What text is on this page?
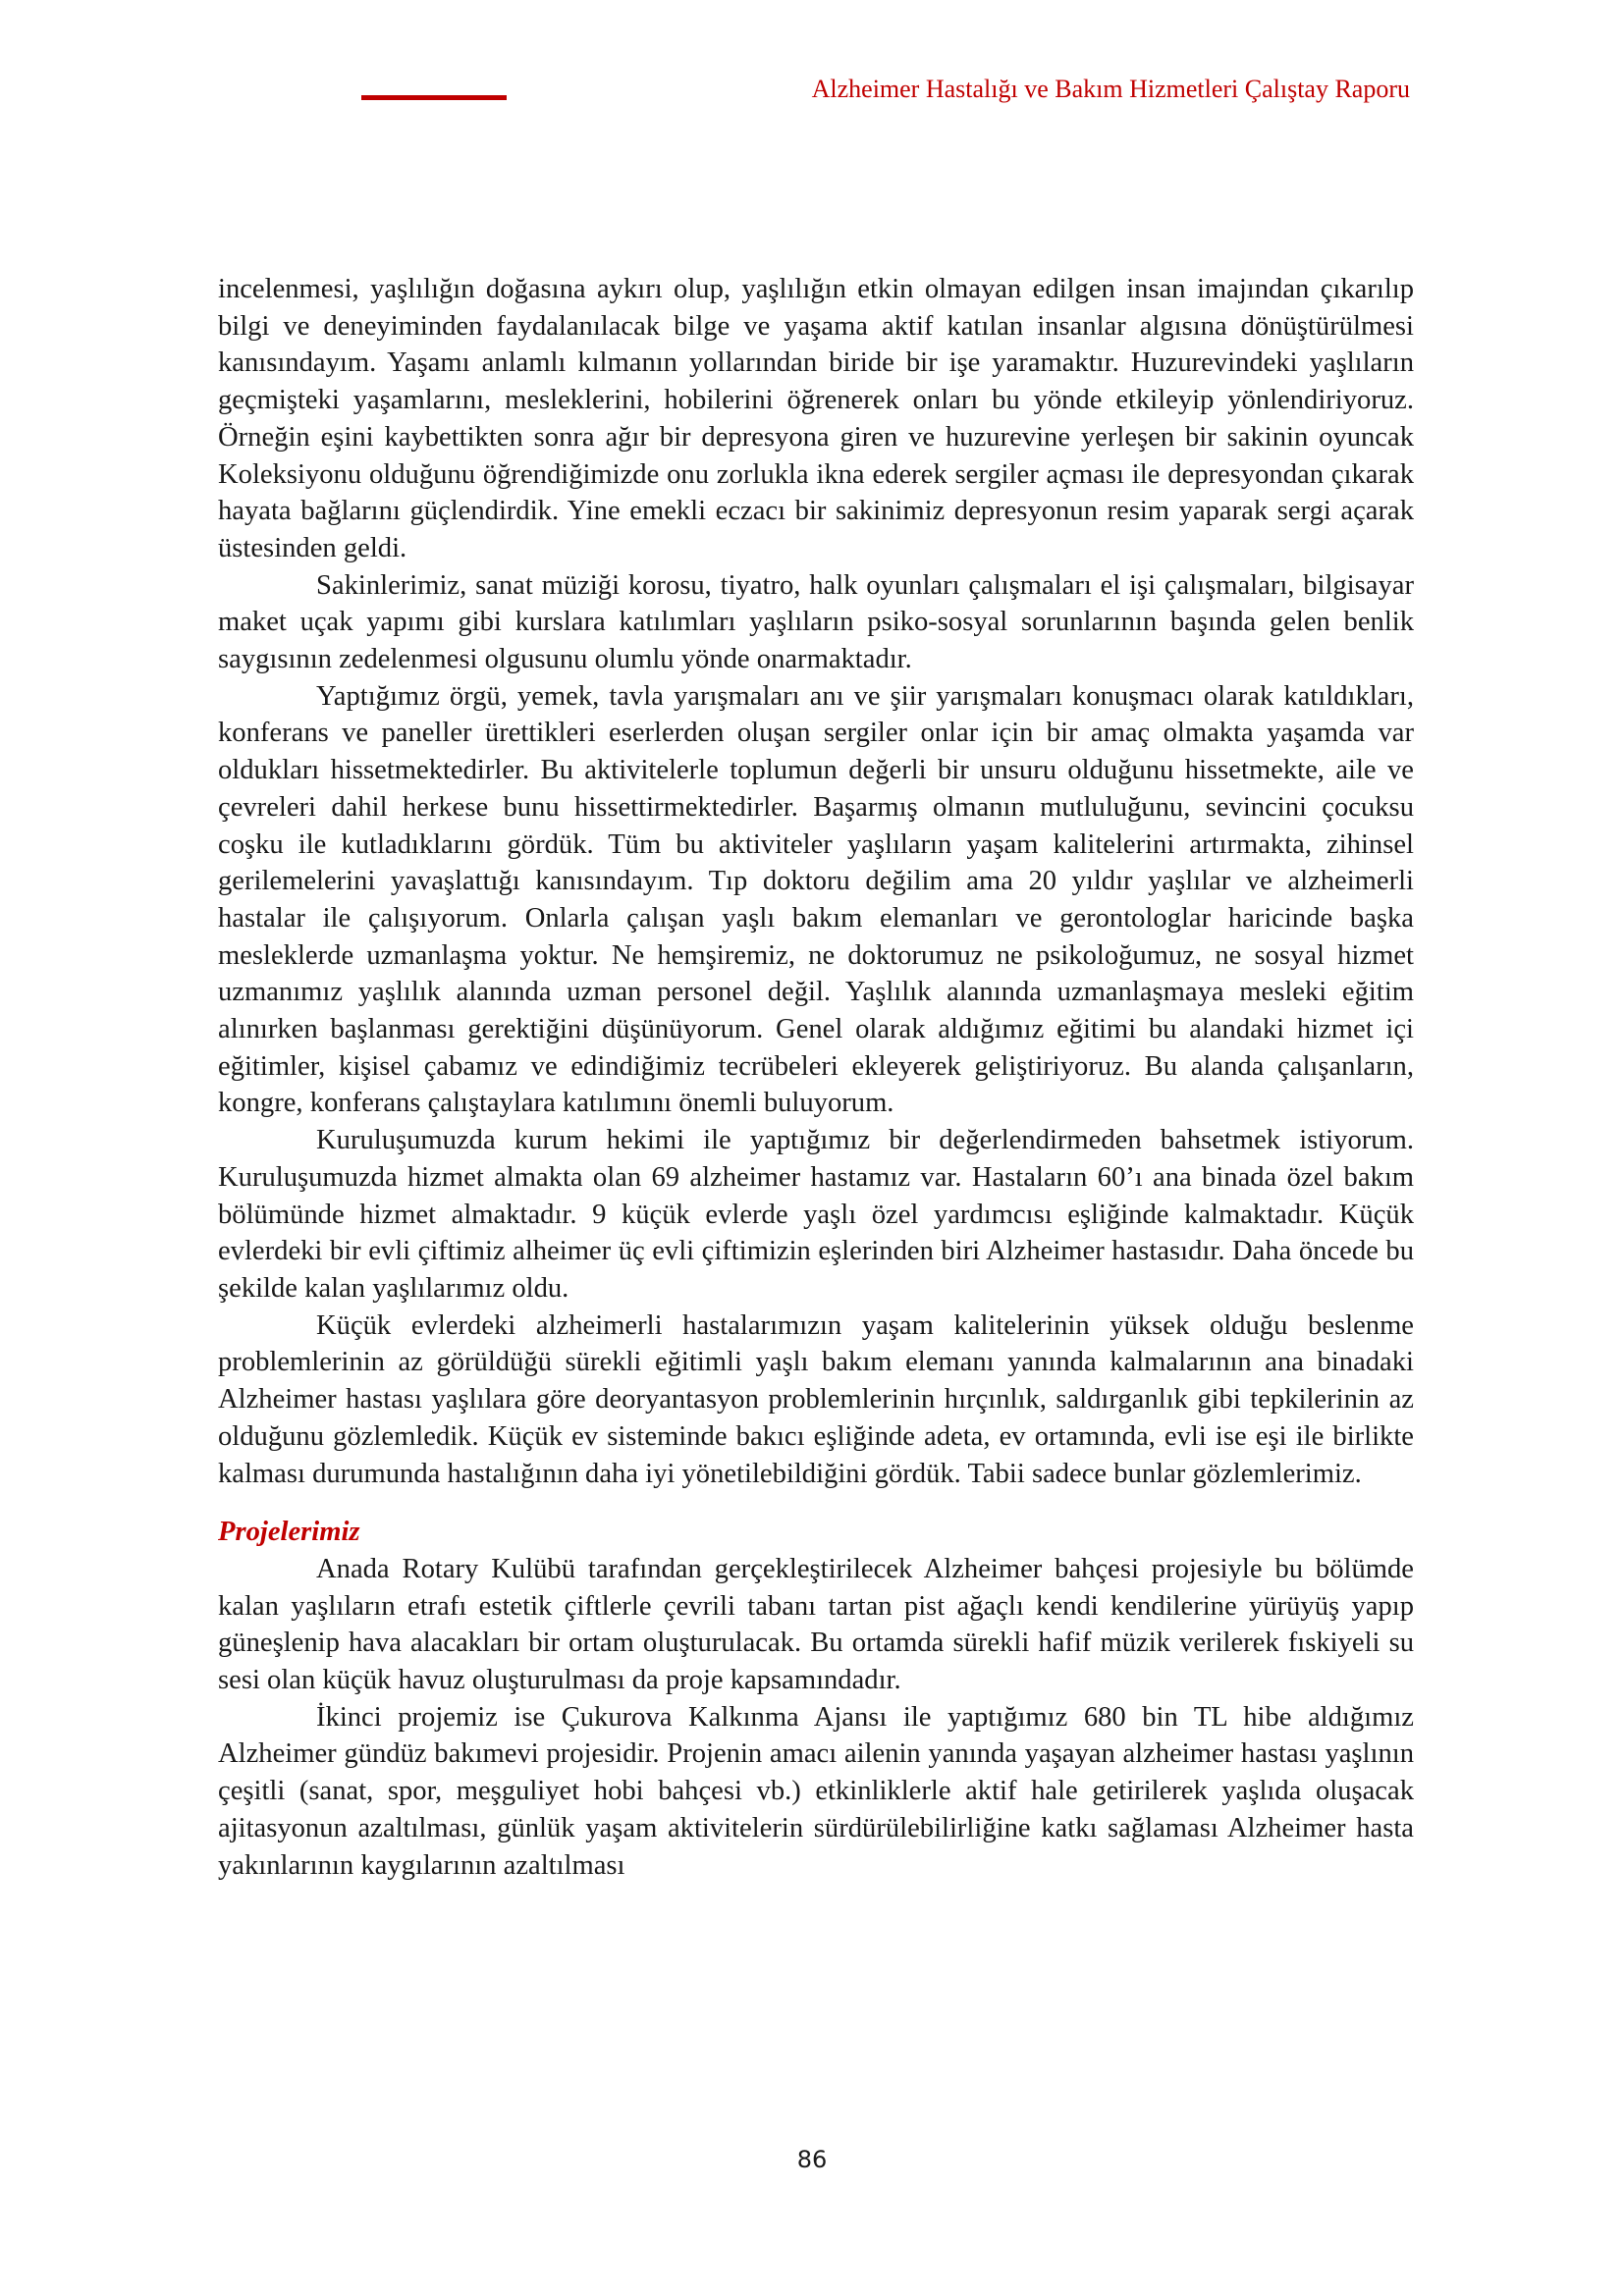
Alzheimer Hastalığı ve Bakım Hizmetleri Çalıştay Raporu

incelenmesi, yaşlılığın doğasına aykırı olup, yaşlılığın etkin olmayan edilgen insan imajından çıkarılıp bilgi ve deneyiminden faydalanılacak bilge ve yaşama aktif katılan insanlar algısına dönüştürülmesi kanısındayım. Yaşamı anlamlı kılmanın yollarından biride bir işe yaramaktır. Huzurevindeki yaşlıların geçmişteki yaşamlarını, mesleklerini, hobilerini öğrenerek onları bu yönde etkileyip yönlendiriyoruz. Örneğin eşini kaybettikten sonra ağır bir depresyona giren ve huzurevine yerleşen bir sakinin oyuncak Koleksiyonu olduğunu öğrendiğimizde onu zorlukla ikna ederek sergiler açması ile depresyondan çıkarak hayata bağlarını güçlendirdik. Yine emekli eczacı bir sakinimiz depresyonun resim yaparak sergi açarak üstesinden geldi.

Sakinlerimiz, sanat müziği korosu, tiyatro, halk oyunları çalışmaları el işi çalışmaları, bilgisayar maket uçak yapımı gibi kurslara katılımları yaşlıların psiko-sosyal sorunlarının başında gelen benlik saygısının zedelenmesi olgusunu olumlu yönde onarmaktadır.

Yaptığımız örgü, yemek, tavla yarışmaları anı ve şiir yarışmaları konuşmacı olarak katıldıkları, konferans ve paneller ürettikleri eserlerden oluşan sergiler onlar için bir amaç olmakta yaşamda var oldukları hissetmektedirler. Bu aktivitelerle toplumun değerli bir unsuru olduğunu hissetmekte, aile ve çevreleri dahil herkese bunu hissettirmektedirler. Başarmış olmanın mutluluğunu, sevincini çocuksu coşku ile kutladıklarını gördük. Tüm bu aktiviteler yaşlıların yaşam kalitelerini artırmakta, zihinsel gerilemelerini yavaşlattığı kanısındayım. Tıp doktoru değilim ama 20 yıldır yaşlılar ve alzheimerli hastalar ile çalışıyorum. Onlarla çalışan yaşlı bakım elemanları ve gerontologlar haricinde başka mesleklerde uzmanlaşma yoktur. Ne hemşiremiz, ne doktorumuz ne psikoloğumuz, ne sosyal hizmet uzmanımız yaşlılık alanında uzman personel değil. Yaşlılık alanında uzmanlaşmaya mesleki eğitim alınırken başlanması gerektiğini düşünüyorum. Genel olarak aldığımız eğitimi bu alandaki hizmet içi eğitimler, kişisel çabamız ve edindiğimiz tecrübeleri ekleyerek geliştiriyoruz. Bu alanda çalışanların, kongre, konferans çalıştaylara katılımını önemli buluyorum.

Kuruluşumuzda kurum hekimi ile yaptığımız bir değerlendirmeden bahsetmek istiyorum. Kuruluşumuzda hizmet almakta olan 69 alzheimer hastamız var. Hastaların 60’ı ana binada özel bakım bölümünde hizmet almaktadır. 9 küçük evlerde yaşlı özel yardımcısı eşliğinde kalmaktadır. Küçük evlerdeki bir evli çiftimiz alheimer üç evli çiftimizin eşlerinden biri Alzheimer hastasıdır. Daha öncede bu şekilde kalan yaşlılarımız oldu.

Küçük evlerdeki alzheimerli hastalarımızın yaşam kalitelerinin yüksek olduğu beslenme problemlerinin az görüldüğü sürekli eğitimli yaşlı bakım elemanı yanında kalmalarının ana binadaki Alzheimer hastası yaşlılara göre deoryantasyon problemlerinin hırçınlık, saldırganlık gibi tepkilerinin az olduğunu gözlemledik. Küçük ev sisteminde bakıcı eşliğinde adeta, ev ortamında, evli ise eşi ile birlikte kalması durumunda hastalığının daha iyi yönetilebildiğini gördük. Tabii sadece bunlar gözlemlerimiz.

Projelerimiz

Anada Rotary Kulübü tarafından gerçekleştirilecek Alzheimer bahçesi projesiyle bu bölümde kalan yaşlıların etrafı estetik çiftlerle çevrili tabanı tartan pist ağaçlı kendi kendilerine yürüyüş yapıp güneşlenip hava alacakları bir ortam oluşturulacak. Bu ortamda sürekli hafif müzik verilerek fıskiyeli su sesi olan küçük havuz oluşturulması da proje kapsamındadır.

İkinci projemiz ise Çukurova Kalkınma Ajansı ile yaptığımız 680 bin TL hibe aldığımız Alzheimer gündüz bakımevi projesidir. Projenin amacı ailenin yanında yaşayan alzheimer hastası yaşlının çeşitli (sanat, spor, meşguliyet hobi bahçesi vb.) etkinliklerle aktif hale getirilerek yaşlıda oluşacak ajitasyonun azaltılması, günlük yaşam aktivitelerin sürdürülebilirliğine katkı sağlaması Alzheimer hasta yakınlarının kaygılarının azaltılması

86
